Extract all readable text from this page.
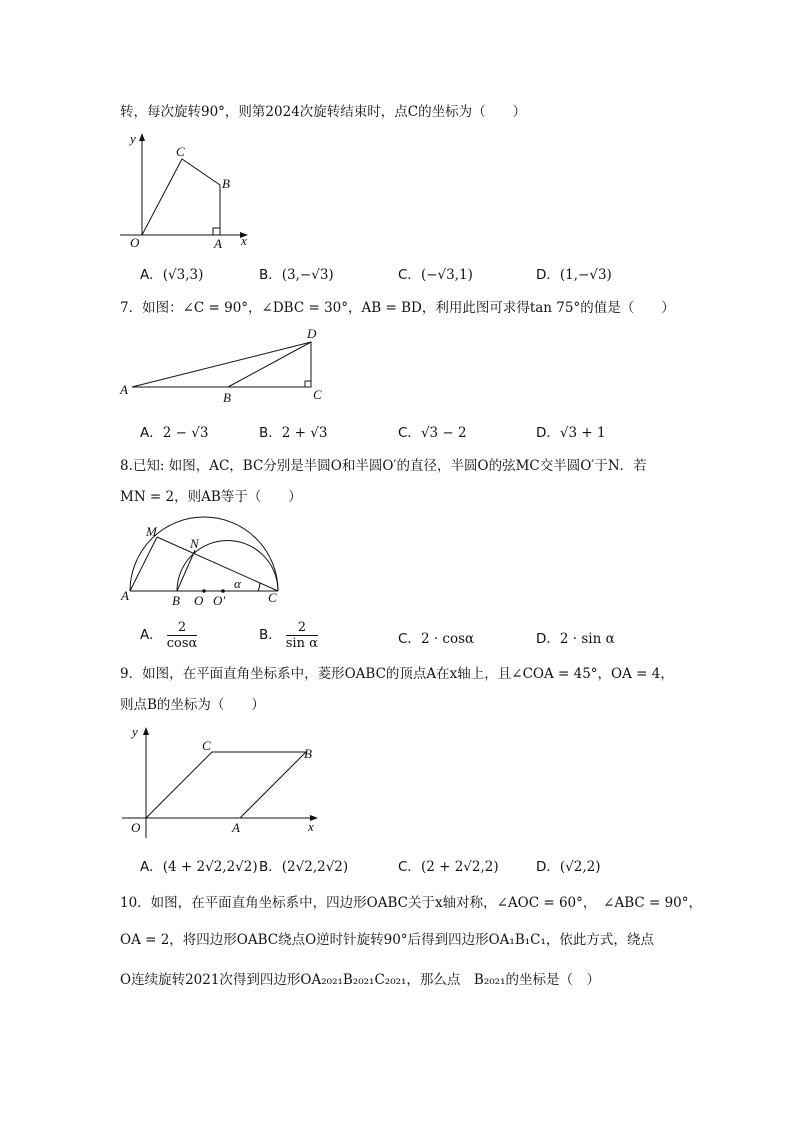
转，每次旋转90°，则第2024次旋转结束时，点C的坐标为（　　）
y
x
O	A
B
C
A．(√3,3)	B．(3,−√3)	C．(−√3,1)	D．(1,−√3)
7．如图：∠C = 90°，∠DBC = 30°，AB = BD，利用此图可求得tan 75°的值是（　　）
A
B	C
D
A．2 − √3	B．2 + √3	C．√3 − 2	D．√3 + 1
8.已知: 如图，AC，BC分别是半圆O和半圆O′的直径，半圆O的弦MC交半圆O′于N．若
MN = 2，则AB等于（　　）
M
N
A	B O O′	C
α
A． $\frac{2}{\cos\alpha}$	B． $\frac{2}{\text{sin α}}$	C．2 · cosα	D．2 · sin α
9．如图，在平面直角坐标系中，菱形OABC的顶点A在x轴上，且∠COA = 45°，OA = 4，
则点B的坐标为（　　）
y
x
O	A
B
C
A．(4 + 2√2,2√2) B．(2√2,2√2)	C．(2 + 2√2,2)	D．(√2,2)
10．如图，在平面直角坐标系中，四边形OABC关于x轴对称，∠AOC = 60°，　∠ABC = 90°，
OA = 2，将四边形OABC绕点O逆时针旋转90°后得到四边形OA₁B₁C₁，依此方式，绕点
O连续旋转2021次得到四边形OA₂₀₂₁B₂₀₂₁C₂₀₂₁，那么点　B₂₀₂₁的坐标是（　）
